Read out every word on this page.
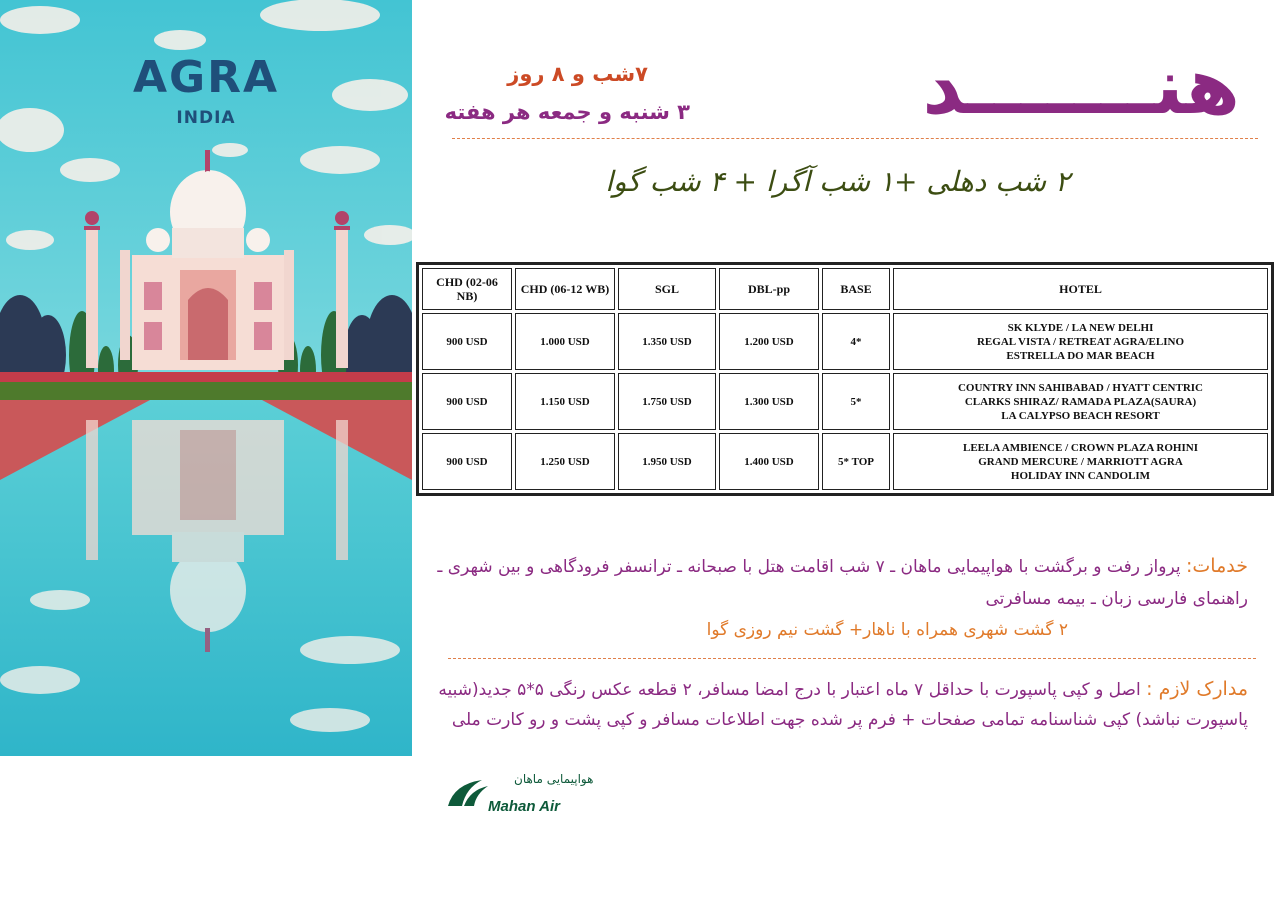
AGRA
INDIA	هنـــــــد
۷شب و ۸ روز
۳ شنبه و جمعه هر هفته
۲ شب دهلی +۱ شب آگرا + ۴ شب گوا
CHD (02-06 NB)	CHD (06-12 WB)	SGL	DBL-pp	BASE	HOTEL
900 USD	1.000 USD	1.350 USD	1.200 USD	4*	SK KLYDE / LA NEW DELHI
REGAL VISTA / RETREAT AGRA/ELINO
ESTRELLA DO MAR BEACH

900 USD	1.150 USD	1.750 USD	1.300 USD	5*	COUNTRY INN SAHIBABAD / HYATT CENTRIC
CLARKS SHIRAZ/ RAMADA PLAZA(SAURA)
LA CALYPSO BEACH RESORT

900 USD	1.250 USD	1.950 USD	1.400 USD	5* TOP	LEELA AMBIENCE / CROWN PLAZA ROHINI
GRAND MERCURE / MARRIOTT AGRA
HOLIDAY INN CANDOLIM
خدمات: پرواز رفت و برگشت با هواپیمایی ماهان ـ ۷ شب اقامت هتل با صبحانه ـ ترانسفر فرودگاهی و بین شهری ـ راهنمای فارسی زبان ـ بیمه مسافرتی
۲ گشت شهری همراه با ناهار+ گشت نیم روزی گوا
مدارک لازم : اصل و کپی پاسپورت با حداقل ۷ ماه اعتبار با درج امضا مسافر، ۲ قطعه عکس رنگی ۵*۵ جدید(شبیه پاسپورت نباشد) کپی شناسنامه تمامی صفحات + فرم پر شده جهت اطلاعات مسافر و کپی پشت و رو کارت ملی
هواپیمایی ماهان
Mahan Air
